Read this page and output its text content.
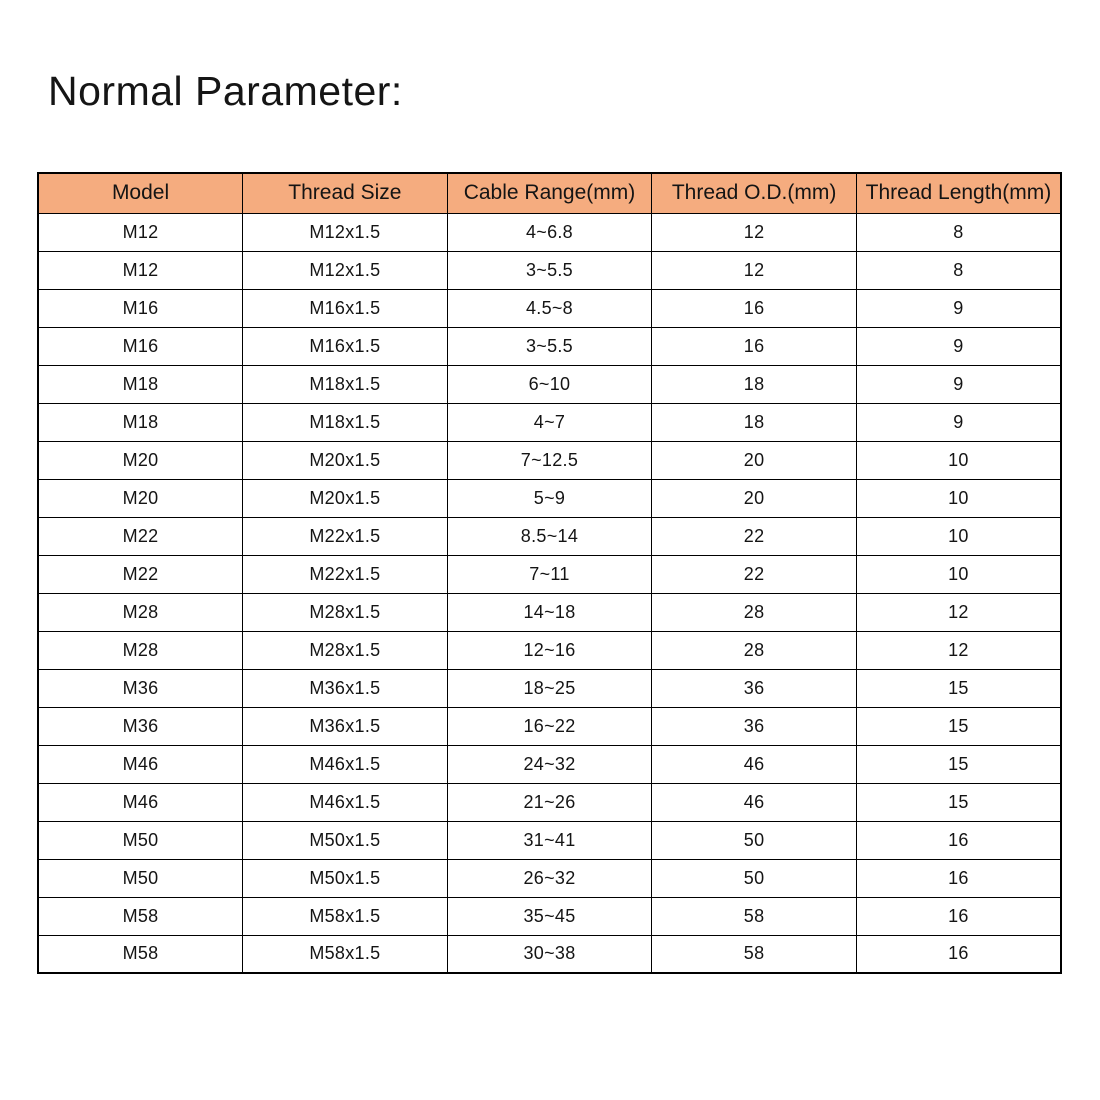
Normal Parameter:
Model	Thread Size	Cable Range(mm)	Thread O.D.(mm)	Thread Length(mm)
M12	M12x1.5	4~6.8	12	8
M12	M12x1.5	3~5.5	12	8
M16	M16x1.5	4.5~8	16	9
M16	M16x1.5	3~5.5	16	9
M18	M18x1.5	6~10	18	9
M18	M18x1.5	4~7	18	9
M20	M20x1.5	7~12.5	20	10
M20	M20x1.5	5~9	20	10
M22	M22x1.5	8.5~14	22	10
M22	M22x1.5	7~11	22	10
M28	M28x1.5	14~18	28	12
M28	M28x1.5	12~16	28	12
M36	M36x1.5	18~25	36	15
M36	M36x1.5	16~22	36	15
M46	M46x1.5	24~32	46	15
M46	M46x1.5	21~26	46	15
M50	M50x1.5	31~41	50	16
M50	M50x1.5	26~32	50	16
M58	M58x1.5	35~45	58	16
M58	M58x1.5	30~38	58	16
